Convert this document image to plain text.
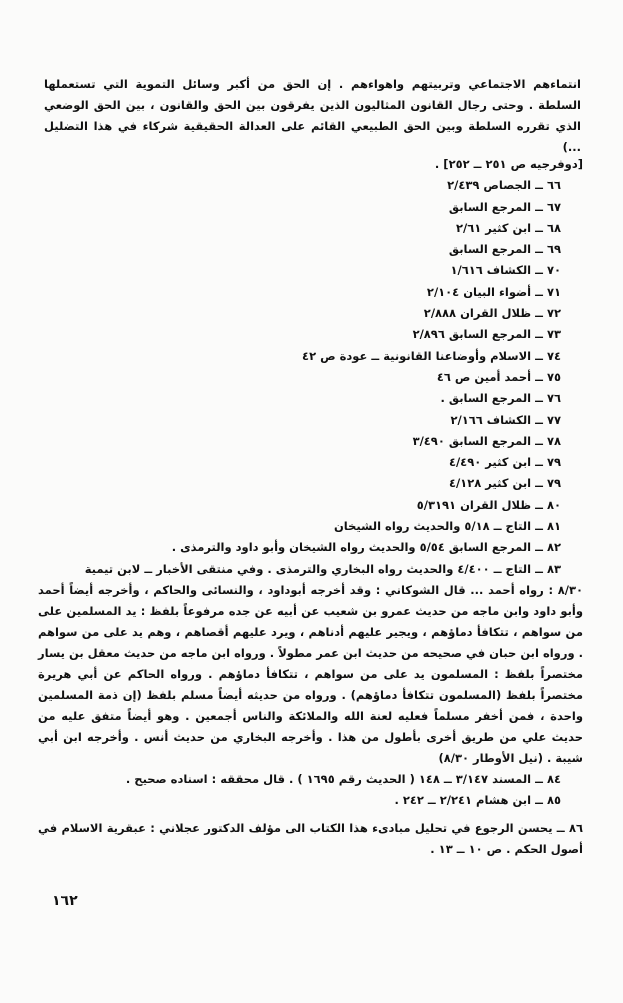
انتماءهم الاجتماعي وتربيتهم واهواءهم . إن الحق من أكبر وسائل التموية التي تستعملها السلطة . وحتى رجال القانون المثاليون الذين يفرقون بين الحق والقانون ، بين الحق الوضعي الذي تقرره السلطة وبين الحق الطبيعي القائم على العدالة الحقيقية شركاء في هذا التضليل ...)
[دوفرجيه ص ٢٥١ ــ ٢٥٢] .
٦٦ ــ الجصاص ٢/٤٣٩
٦٧ ــ المرجع السابق
٦٨ ــ ابن كثير ٢/٦١
٦٩ ــ المرجع السابق
٧٠ ــ الكشاف ١/٦١٦
٧١ ــ أضواء البيان ٢/١٠٤
٧٢ ــ ظلال القران ٢/٨٨٨
٧٣ ــ المرجع السابق ٢/٨٩٦
٧٤ ــ الاسلام وأوضاعنا القانونية ــ عودة ص ٤٢
٧٥ ــ أحمد أمين ص ٤٦
٧٦ ــ المرجع السابق .
٧٧ ــ الكشاف ٢/١٦٦
٧٨ ــ المرجع السابق ٣/٤٩٠
٧٩ ــ ابن كثير ٤/٤٩٠
٧٩ ــ ابن كثير ٤/١٢٨
٨٠ ــ ظلال القران ٥/٣١٩١
٨١ ــ التاج ــ ٥/١٨ والحديث رواه الشيخان
٨٢ ــ المرجع السابق ٥/٥٤ والحديث رواه الشيخان وأبو داود والترمذى .
٨٣ ــ التاج ــ ٤/٤٠٠ والحديث رواه البخاري والترمذى . وفي منتقى الأخبار ــ لابن تيمية
٨/٣٠ : رواه أحمد ... قال الشوكاني : وقد أخرجه أبوداود ، والنسائى والحاكم ، وأخرجه أيضاً أحمد وأبو داود وابن ماجه من حديث عمرو بن شعيب عن أبيه عن جده مرفوعاً بلفظ : يد المسلمين على من سواهم ، تتكافأ دماؤهم ، ويجير عليهم أدناهم ، ويرد عليهم أقصاهم ، وهم يد على من سواهم . ورواه ابن حبان في صحيحه من حديث ابن عمر مطولاً . ورواه ابن ماجه من حديث معقل بن يسار مختصراً بلفظ : المسلمون يد على من سواهم ، تتكافأ دماؤهم . ورواه الحاكم عن أبي هريرة مختصراً بلفظ (المسلمون تتكافأ دماؤهم) . ورواه من حديثه أيضاً مسلم بلفظ (إن ذمة المسلمين واحدة ، فمن أخفر مسلماً فعليه لعنة الله والملائكة والناس أجمعين . وهو أيضاً متفق عليه من حديث علي من طريق أخرى بأطول من هذا . وأخرجه البخاري من حديث أنس . وأخرجه ابن أبي شيبة . (نيل الأوطار ٨/٣٠)
٨٤ ــ المسند ٣/١٤٧ ــ ١٤٨ ( الحديث رقم ١٦٩٥ ) . قال محققه : اسناده صحيح .
٨٥ ــ ابن هشام ٢/٢٤١ ــ ٢٤٢ .
٨٦ ــ يحسن الرجوع في تحليل مبادىء هذا الكتاب الى مؤلف الدكتور عجلاني : عبقرية الاسلام في أصول الحكم . ص ١٠ ــ ١٣ .
١٦٢
